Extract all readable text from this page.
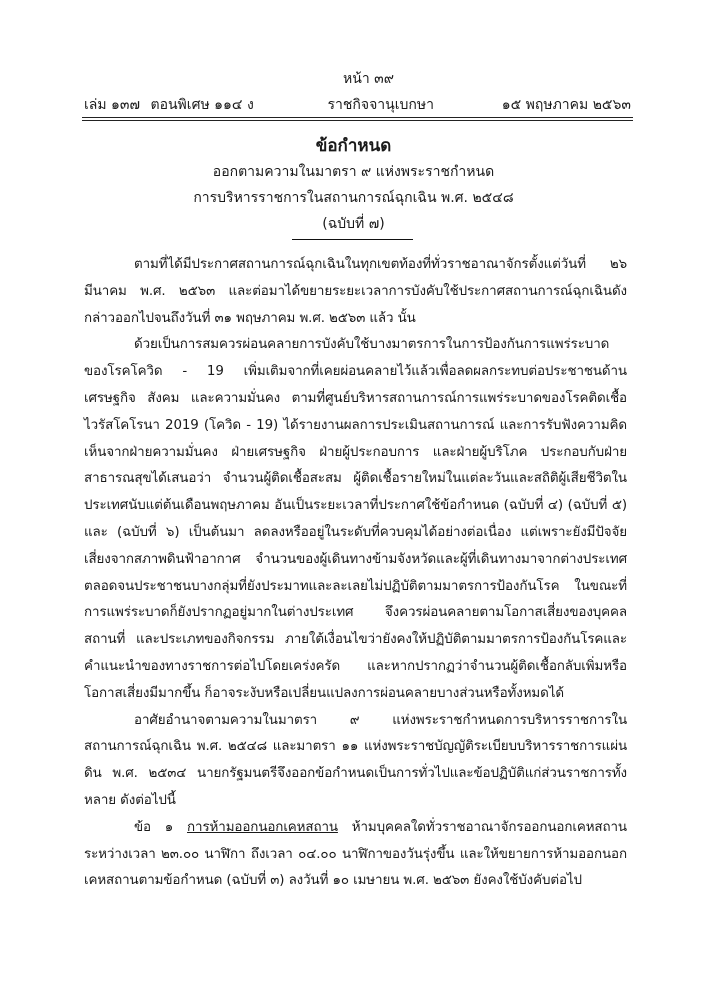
หน้า ๓๙
เล่ม ๑๓๗ ตอนพิเศษ ๑๑๔ ง	ราชกิจจานุเบกษา	๑๕ พฤษภาคม ๒๕๖๓
ข้อกำหนด
ออกตามความในมาตรา ๙ แห่งพระราชกำหนด
การบริหารราชการในสถานการณ์ฉุกเฉิน พ.ศ. ๒๕๔๘
(ฉบับที่ ๗)

ตามที่ได้มีประกาศสถานการณ์ฉุกเฉินในทุกเขตท้องที่ทั่วราชอาณาจักรตั้งแต่วันที่ ๒๖ มีนาคม พ.ศ. ๒๕๖๓ และต่อมาได้ขยายระยะเวลาการบังคับใช้ประกาศสถานการณ์ฉุกเฉินดังกล่าวออกไปจนถึงวันที่ ๓๑ พฤษภาคม พ.ศ. ๒๕๖๓ แล้ว นั้น

ด้วยเป็นการสมควรผ่อนคลายการบังคับใช้บางมาตรการในการป้องกันการแพร่ระบาดของโรคโควิด - 19 เพิ่มเติมจากที่เคยผ่อนคลายไว้แล้วเพื่อลดผลกระทบต่อประชาชนด้านเศรษฐกิจ สังคม และความมั่นคง ตามที่ศูนย์บริหารสถานการณ์การแพร่ระบาดของโรคติดเชื้อไวรัสโคโรนา 2019 (โควิด - 19) ได้รายงานผลการประเมินสถานการณ์ และการรับฟังความคิดเห็นจากฝ่ายความมั่นคง ฝ่ายเศรษฐกิจ ฝ่ายผู้ประกอบการ และฝ่ายผู้บริโภค ประกอบกับฝ่ายสาธารณสุขได้เสนอว่า จำนวนผู้ติดเชื้อสะสม ผู้ติดเชื้อรายใหม่ในแต่ละวันและสถิติผู้เสียชีวิตในประเทศนับแต่ต้นเดือนพฤษภาคม อันเป็นระยะเวลาที่ประกาศใช้ข้อกำหนด (ฉบับที่ ๔) (ฉบับที่ ๕) และ (ฉบับที่ ๖) เป็นต้นมา ลดลงหรืออยู่ในระดับที่ควบคุมได้อย่างต่อเนื่อง แต่เพราะยังมีปัจจัยเสี่ยงจากสภาพดินฟ้าอากาศ จำนวนของผู้เดินทางข้ามจังหวัดและผู้ที่เดินทางมาจากต่างประเทศ ตลอดจนประชาชนบางกลุ่มที่ยังประมาทและละเลยไม่ปฏิบัติตามมาตรการป้องกันโรค ในขณะที่การแพร่ระบาดก็ยังปรากฏอยู่มากในต่างประเทศ จึงควรผ่อนคลายตามโอกาสเสี่ยงของบุคคล สถานที่ และประเภทของกิจกรรม ภายใต้เงื่อนไขว่ายังคงให้ปฏิบัติตามมาตรการป้องกันโรคและคำแนะนำของทางราชการต่อไปโดยเคร่งครัด และหากปรากฏว่าจำนวนผู้ติดเชื้อกลับเพิ่มหรือโอกาสเสี่ยงมีมากขึ้น ก็อาจระงับหรือเปลี่ยนแปลงการผ่อนคลายบางส่วนหรือทั้งหมดได้

อาศัยอำนาจตามความในมาตรา ๙ แห่งพระราชกำหนดการบริหารราชการในสถานการณ์ฉุกเฉิน พ.ศ. ๒๕๔๘ และมาตรา ๑๑ แห่งพระราชบัญญัติระเบียบบริหารราชการแผ่นดิน พ.ศ. ๒๕๓๔ นายกรัฐมนตรีจึงออกข้อกำหนดเป็นการทั่วไปและข้อปฏิบัติแก่ส่วนราชการทั้งหลาย ดังต่อไปนี้

ข้อ ๑ การห้ามออกนอกเคหสถาน ห้ามบุคคลใดทั่วราชอาณาจักรออกนอกเคหสถานระหว่างเวลา ๒๓.๐๐ นาฬิกา ถึงเวลา ๐๔.๐๐ นาฬิกาของวันรุ่งขึ้น และให้ขยายการห้ามออกนอกเคหสถานตามข้อกำหนด (ฉบับที่ ๓) ลงวันที่ ๑๐ เมษายน พ.ศ. ๒๕๖๓ ยังคงใช้บังคับต่อไป
